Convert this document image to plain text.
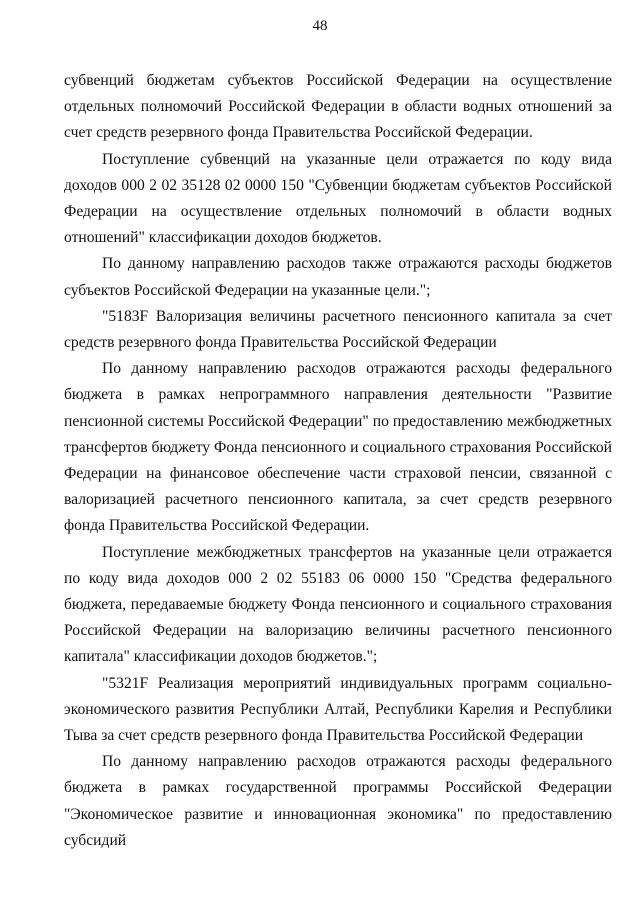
48

субвенций бюджетам субъектов Российской Федерации на осуществление отдельных полномочий Российской Федерации в области водных отношений за счет средств резервного фонда Правительства Российской Федерации.

Поступление субвенций на указанные цели отражается по коду вида доходов 000 2 02 35128 02 0000 150 "Субвенции бюджетам субъектов Российской Федерации на осуществление отдельных полномочий в области водных отношений" классификации доходов бюджетов.

По данному направлению расходов также отражаются расходы бюджетов субъектов Российской Федерации на указанные цели.";

"5183F Валоризация величины расчетного пенсионного капитала за счет средств резервного фонда Правительства Российской Федерации

По данному направлению расходов отражаются расходы федерального бюджета в рамках непрограммного направления деятельности "Развитие пенсионной системы Российской Федерации" по предоставлению межбюджетных трансфертов бюджету Фонда пенсионного и социального страхования Российской Федерации на финансовое обеспечение части страховой пенсии, связанной с валоризацией расчетного пенсионного капитала, за счет средств резервного фонда Правительства Российской Федерации.

Поступление межбюджетных трансфертов на указанные цели отражается по коду вида доходов 000 2 02 55183 06 0000 150 "Средства федерального бюджета, передаваемые бюджету Фонда пенсионного и социального страхования Российской Федерации на валоризацию величины расчетного пенсионного капитала" классификации доходов бюджетов.";

"5321F Реализация мероприятий индивидуальных программ социально-экономического развития Республики Алтай, Республики Карелия и Республики Тыва за счет средств резервного фонда Правительства Российской Федерации

По данному направлению расходов отражаются расходы федерального бюджета в рамках государственной программы Российской Федерации "Экономическое развитие и инновационная экономика" по предоставлению субсидий
